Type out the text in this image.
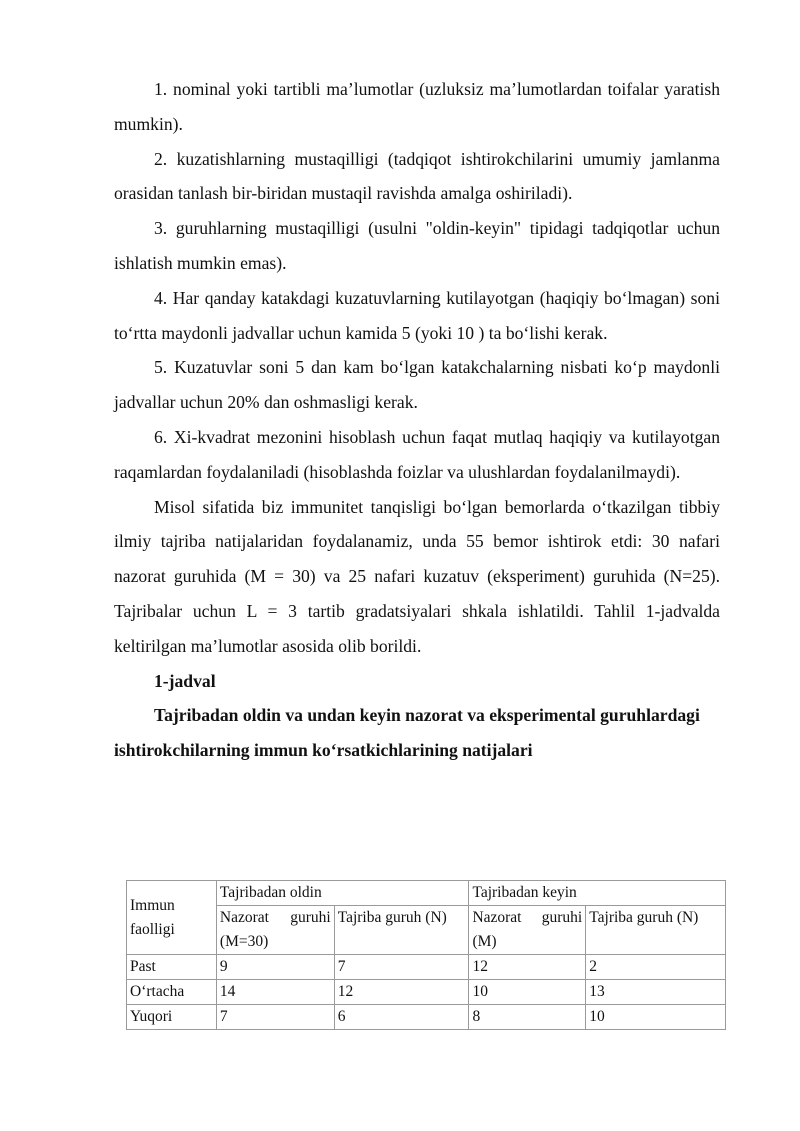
1. nominal yoki tartibli ma’lumotlar (uzluksiz ma’lumotlardan toifalar yaratish mumkin).

2. kuzatishlarning mustaqilligi (tadqiqot ishtirokchilarini umumiy jamlanma orasidan tanlash bir-biridan mustaqil ravishda amalga oshiriladi).

3. guruhlarning mustaqilligi (usulni "oldin-keyin" tipidagi tadqiqotlar uchun ishlatish mumkin emas).

4. Har qanday katakdagi kuzatuvlarning kutilayotgan (haqiqiy bo‘lmagan) soni to‘rtta maydonli jadvallar uchun kamida 5 (yoki 10 ) ta bo‘lishi kerak.

5. Kuzatuvlar soni 5 dan kam bo‘lgan katakchalarning nisbati ko‘p maydonli jadvallar uchun 20% dan oshmasligi kerak.

6. Xi-kvadrat mezonini hisoblash uchun faqat mutlaq haqiqiy va kutilayotgan raqamlardan foydalaniladi (hisoblashda foizlar va ulushlardan foydalanilmaydi).

Misol sifatida biz immunitet tanqisligi bo‘lgan bemorlarda o‘tkazilgan tibbiy ilmiy tajriba natijalaridan foydalanamiz, unda 55 bemor ishtirok etdi: 30 nafari nazorat guruhida (M = 30) va 25 nafari kuzatuv (eksperiment) guruhida (N=25). Tajribalar uchun L = 3 tartib gradatsiyalari shkala ishlatildi. Tahlil 1-jadvalda keltirilgan ma’lumotlar asosida olib borildi.

1-jadval

Tajribadan oldin va undan keyin nazorat va eksperimental guruhlardagi ishtirokchilarning immun ko‘rsatkichlarining natijalari

Immun faolligi	Tajribadan oldin		Tajribadan keyin	
	Nazorat guruhi (M=30)	Tajriba guruh (N)	Nazorat guruhi (M)	Tajriba guruh (N)
Past	9	7	12	2
O‘rtacha	14	12	10	13
Yuqori	7	6	8	10
